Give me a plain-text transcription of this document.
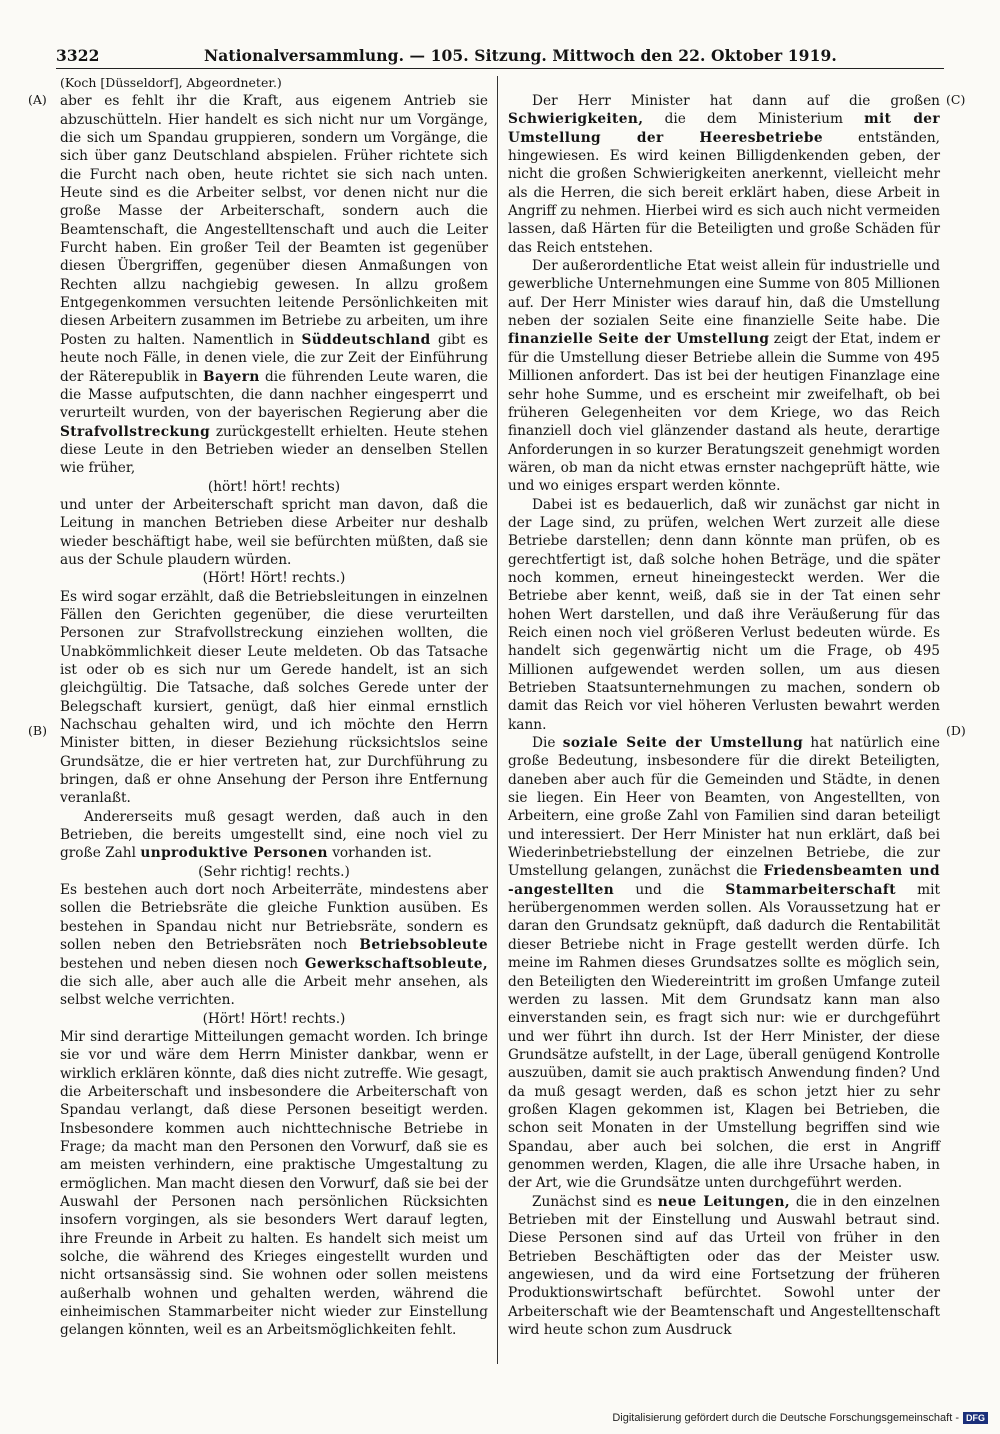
3322	Nationalversammlung. — 105. Sitzung. Mittwoch den 22. Oktober 1919.
(A)
(B)
(C)
(D)

(Koch [Düsseldorf], Abgeordneter.)

aber es fehlt ihr die Kraft, aus eigenem Antrieb sie abzuschütteln. Hier handelt es sich nicht nur um Vorgänge, die sich um Spandau gruppieren, sondern um Vorgänge, die sich über ganz Deutschland abspielen. Früher richtete sich die Furcht nach oben, heute richtet sie sich nach unten. Heute sind es die Arbeiter selbst, vor denen nicht nur die große Masse der Arbeiterschaft, sondern auch die Beamtenschaft, die Angestelltenschaft und auch die Leiter Furcht haben. Ein großer Teil der Beamten ist gegenüber diesen Übergriffen, gegenüber diesen Anmaßungen von Rechten allzu nachgiebig gewesen. In allzu großem Entgegenkommen versuchten leitende Persönlichkeiten mit diesen Arbeitern zusammen im Betriebe zu arbeiten, um ihre Posten zu halten. Namentlich in Süddeutschland gibt es heute noch Fälle, in denen viele, die zur Zeit der Einführung der Räterepublik in Bayern die führenden Leute waren, die die Masse aufputschten, die dann nachher eingesperrt und verurteilt wurden, von der bayerischen Regierung aber die Strafvollstreckung zurückgestellt erhielten. Heute stehen diese Leute in den Betrieben wieder an denselben Stellen wie früher,

(hört! hört! rechts)

und unter der Arbeiterschaft spricht man davon, daß die Leitung in manchen Betrieben diese Arbeiter nur deshalb wieder beschäftigt habe, weil sie befürchten müßten, daß sie aus der Schule plaudern würden.

(Hört! Hört! rechts.)

Es wird sogar erzählt, daß die Betriebsleitungen in einzelnen Fällen den Gerichten gegenüber, die diese verurteilten Personen zur Strafvollstreckung einziehen wollten, die Unabkömmlichkeit dieser Leute meldeten. Ob das Tatsache ist oder ob es sich nur um Gerede handelt, ist an sich gleichgültig. Die Tatsache, daß solches Gerede unter der Belegschaft kursiert, genügt, daß hier einmal ernstlich Nachschau gehalten wird, und ich möchte den Herrn Minister bitten, in dieser Beziehung rücksichtslos seine Grundsätze, die er hier vertreten hat, zur Durchführung zu bringen, daß er ohne Ansehung der Person ihre Entfernung veranlaßt.

Andererseits muß gesagt werden, daß auch in den Betrieben, die bereits umgestellt sind, eine noch viel zu große Zahl unproduktive Personen vorhanden ist.

(Sehr richtig! rechts.)

Es bestehen auch dort noch Arbeiterräte, mindestens aber sollen die Betriebsräte die gleiche Funktion ausüben. Es bestehen in Spandau nicht nur Betriebsräte, sondern es sollen neben den Betriebsräten noch Betriebsobleute bestehen und neben diesen noch Gewerkschaftsobleute, die sich alle, aber auch alle die Arbeit mehr ansehen, als selbst welche verrichten.

(Hört! Hört! rechts.)

Mir sind derartige Mitteilungen gemacht worden. Ich bringe sie vor und wäre dem Herrn Minister dankbar, wenn er wirklich erklären könnte, daß dies nicht zutreffe. Wie gesagt, die Arbeiterschaft und insbesondere die Arbeiterschaft von Spandau verlangt, daß diese Personen beseitigt werden. Insbesondere kommen auch nichttechnische Betriebe in Frage; da macht man den Personen den Vorwurf, daß sie es am meisten verhindern, eine praktische Umgestaltung zu ermöglichen. Man macht diesen den Vorwurf, daß sie bei der Auswahl der Personen nach persönlichen Rücksichten insofern vorgingen, als sie besonders Wert darauf legten, ihre Freunde in Arbeit zu halten. Es handelt sich meist um solche, die während des Krieges eingestellt wurden und nicht ortsansässig sind. Sie wohnen oder sollen meistens außerhalb wohnen und gehalten werden, während die einheimischen Stammarbeiter nicht wieder zur Einstellung gelangen könnten, weil es an Arbeitsmöglichkeiten fehlt.

Der Herr Minister hat dann auf die großen Schwierigkeiten, die dem Ministerium mit der Umstellung der Heeresbetriebe	entständen, hingewiesen. Es wird keinen Billigdenkenden geben, der nicht die großen Schwierigkeiten anerkennt, vielleicht mehr als die Herren, die sich bereit erklärt haben, diese Arbeit in Angriff zu nehmen. Hierbei wird es sich auch nicht vermeiden lassen, daß Härten für die Beteiligten und große Schäden für das Reich entstehen.

Der außerordentliche Etat weist allein für industrielle und gewerbliche Unternehmungen eine Summe von 805 Millionen auf. Der Herr Minister wies darauf hin, daß die Umstellung neben der sozialen Seite eine finanzielle Seite habe. Die finanzielle Seite der Umstellung zeigt der Etat, indem er für die Umstellung dieser Betriebe allein die Summe von 495 Millionen anfordert. Das ist bei der heutigen Finanzlage eine sehr hohe Summe, und es erscheint mir zweifelhaft, ob bei früheren Gelegenheiten vor dem Kriege, wo das Reich finanziell doch viel glänzender dastand als heute, derartige Anforderungen in so kurzer Beratungszeit genehmigt worden wären, ob man da nicht etwas ernster nachgeprüft hätte, wie und wo einiges erspart werden könnte.

Dabei ist es bedauerlich, daß wir zunächst gar nicht in der Lage sind, zu prüfen, welchen Wert zurzeit alle diese Betriebe darstellen; denn dann könnte man prüfen, ob es gerechtfertigt ist, daß solche hohen Beträge, und die später noch kommen, erneut hineingesteckt werden. Wer die Betriebe aber kennt, weiß, daß sie in der Tat einen sehr hohen Wert darstellen, und daß ihre Veräußerung für das Reich einen noch viel größeren Verlust bedeuten würde. Es handelt sich gegenwärtig nicht um die Frage, ob 495 Millionen aufgewendet werden sollen, um aus diesen Betrieben Staatsunternehmungen zu machen, sondern ob damit das Reich vor viel höheren Verlusten bewahrt werden kann.

Die soziale Seite der Umstellung hat natürlich eine große Bedeutung, insbesondere für die direkt Beteiligten, daneben aber auch für die Gemeinden und Städte, in denen sie liegen. Ein Heer von Beamten, von Angestellten, von Arbeitern, eine große Zahl von Familien sind daran beteiligt und interessiert. Der Herr Minister hat nun erklärt, daß bei Wiederinbetriebstellung der einzelnen Betriebe, die zur Umstellung gelangen, zunächst die Friedensbeamten und -angestellten und die Stammarbeiterschaft mit herübergenommen werden sollen. Als Voraussetzung hat er daran den Grundsatz geknüpft, daß dadurch die Rentabilität dieser Betriebe nicht in Frage gestellt werden dürfe. Ich meine im Rahmen dieses Grundsatzes sollte es möglich sein, den Beteiligten den Wiedereintritt im großen Umfange zuteil werden zu lassen. Mit dem Grundsatz kann man also einverstanden sein, es fragt sich nur: wie er durchgeführt und wer führt ihn durch. Ist der Herr Minister, der diese Grundsätze aufstellt, in der Lage, überall genügend Kontrolle auszuüben, damit sie auch praktisch Anwendung finden? Und da muß gesagt werden, daß es schon jetzt hier zu sehr großen Klagen gekommen ist, Klagen bei Betrieben, die schon seit Monaten in der Umstellung begriffen sind wie Spandau, aber auch bei solchen, die erst in Angriff genommen werden, Klagen, die alle ihre Ursache haben, in der Art, wie die Grundsätze unten durchgeführt werden.

Zunächst sind es neue Leitungen, die in den einzelnen Betrieben mit der Einstellung und Auswahl betraut sind. Diese Personen sind auf das Urteil von früher in den Betrieben Beschäftigten oder das der Meister usw. angewiesen, und da wird eine Fortsetzung der früheren Produktionswirtschaft befürchtet. Sowohl unter der Arbeiterschaft wie der Beamtenschaft und Angestelltenschaft wird heute schon zum Ausdruck

Digitalisierung gefördert durch die Deutsche Forschungsgemeinschaft - DFG
